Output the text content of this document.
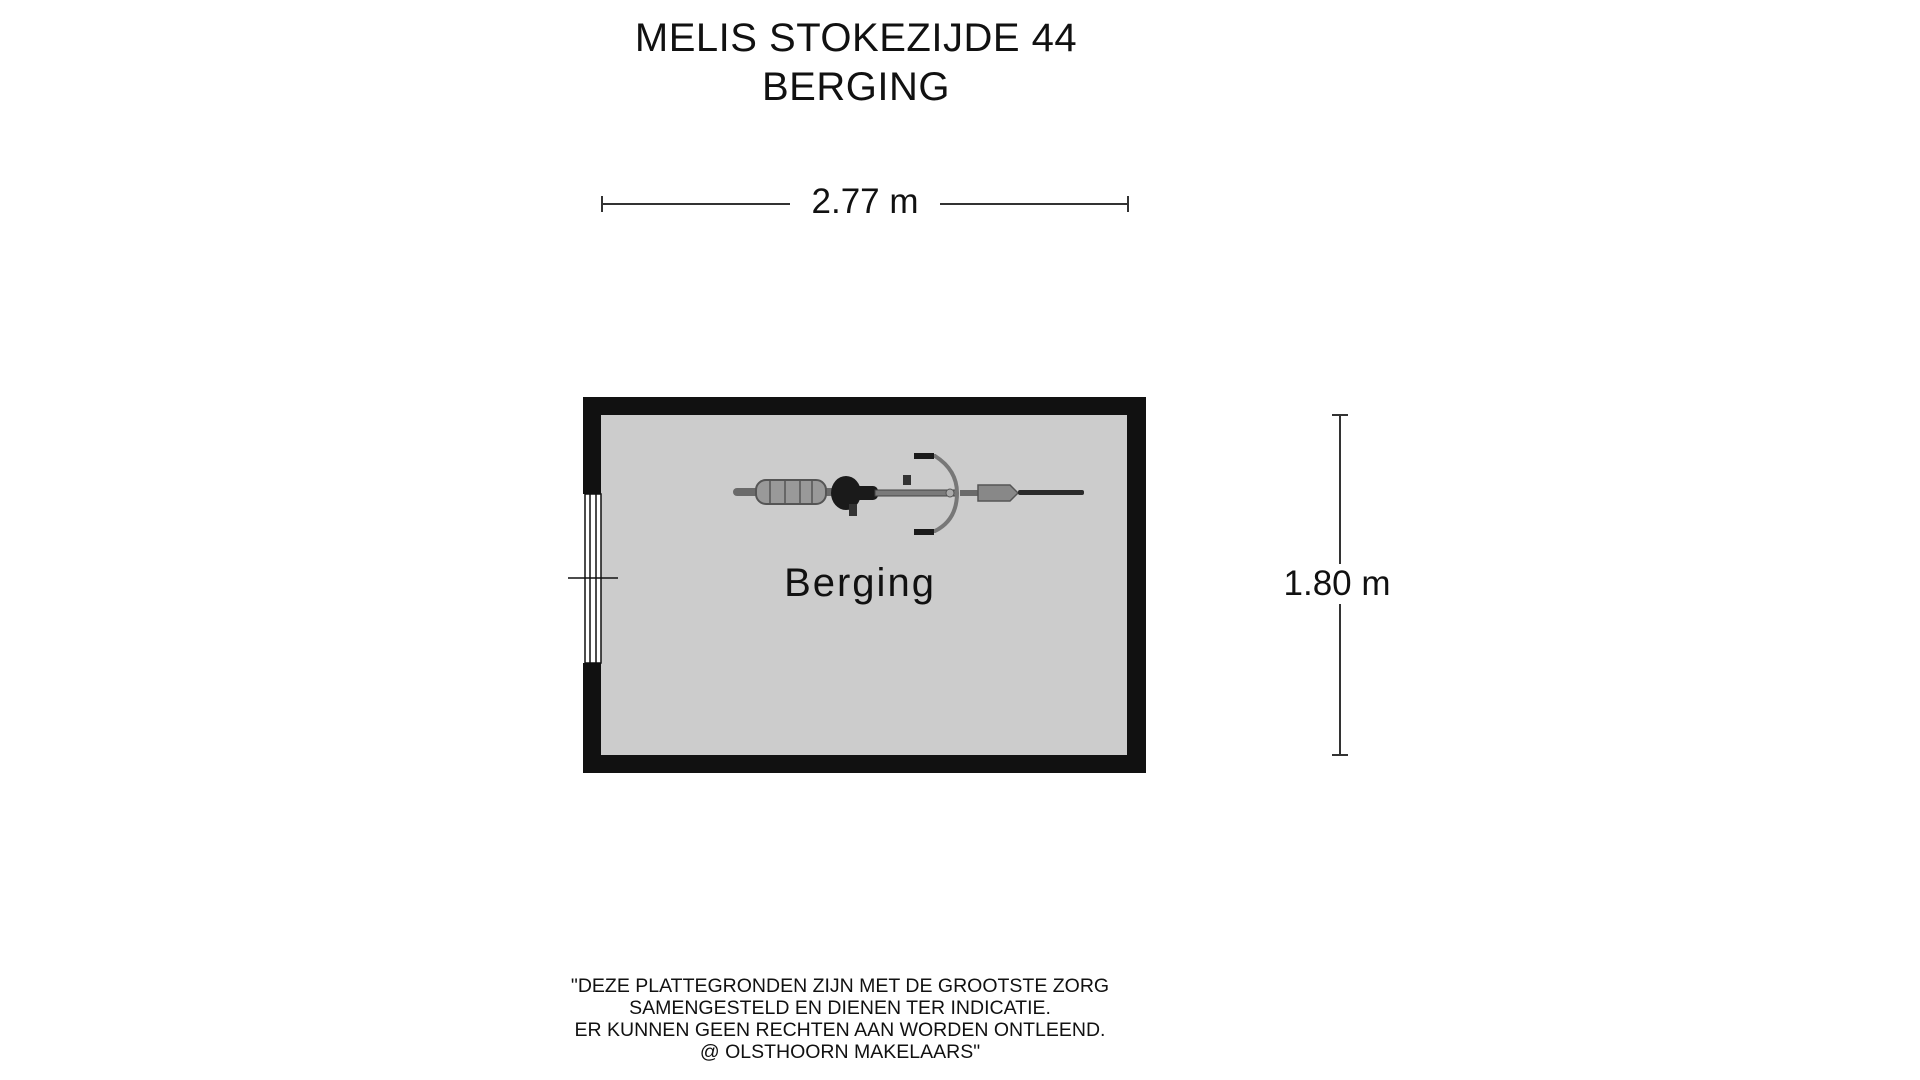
MELIS STOKEZIJDE 44
BERGING
2.77 m
1.80 m
Berging
"DEZE PLATTEGRONDEN ZIJN MET DE GROOTSTE ZORG
SAMENGESTELD EN DIENEN TER INDICATIE.
ER KUNNEN GEEN RECHTEN AAN WORDEN ONTLEEND.
@ OLSTHOORN MAKELAARS"
